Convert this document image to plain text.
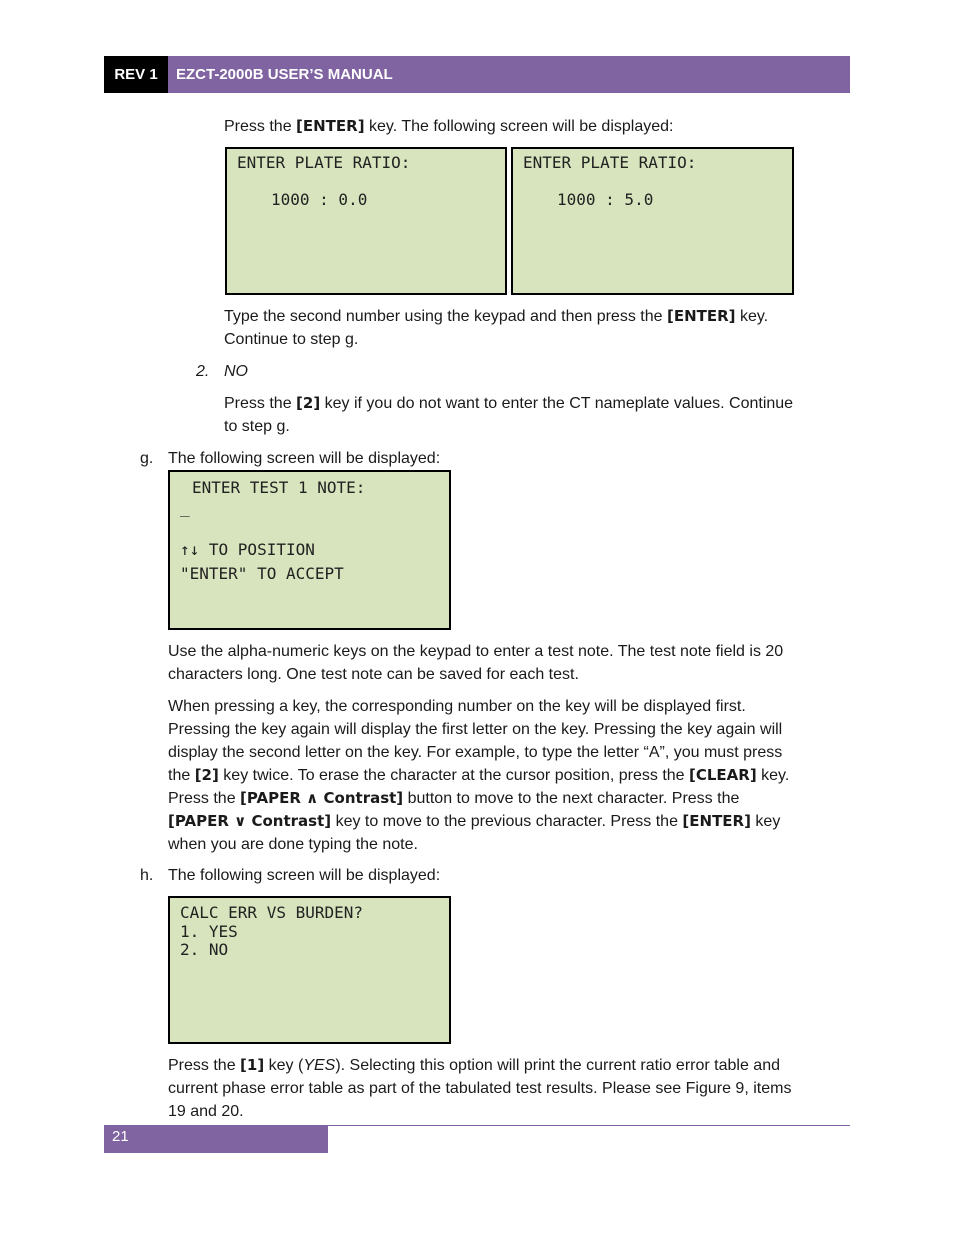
REV 1	EZCT-2000B USER’S MANUAL
Press the [ENTER] key. The following screen will be displayed:

ENTER PLATE RATIO:

1000 : 0.0

ENTER PLATE RATIO:

1000 : 5.0

Type the second number using the keypad and then press the [ENTER] key.
Continue to step g.
2. NO
Press the [2] key if you do not want to enter the CT nameplate values. Continue
to step g.
g. The following screen will be displayed:

ENTER TEST 1 NOTE:

_

↑↓ TO POSITION

"ENTER" TO ACCEPT

Use the alpha-numeric keys on the keypad to enter a test note. The test note field is 20
characters long. One test note can be saved for each test.
When pressing a key, the corresponding number on the key will be displayed first.
Pressing the key again will display the first letter on the key. Pressing the key again will
display the second letter on the key. For example, to type the letter “A”, you must press
the [2] key twice. To erase the character at the cursor position, press the [CLEAR] key.
Press the [PAPER ∧ Contrast] button to move to the next character. Press the
[PAPER ∨ Contrast] key to move to the previous character. Press the [ENTER] key
when you are done typing the note.
h. The following screen will be displayed:

CALC ERR VS BURDEN?

1. YES

2. NO

Press the [1] key (YES). Selecting this option will print the current ratio error table and
current phase error table as part of the tabulated test results. Please see Figure 9, items
19 and 20.
21
